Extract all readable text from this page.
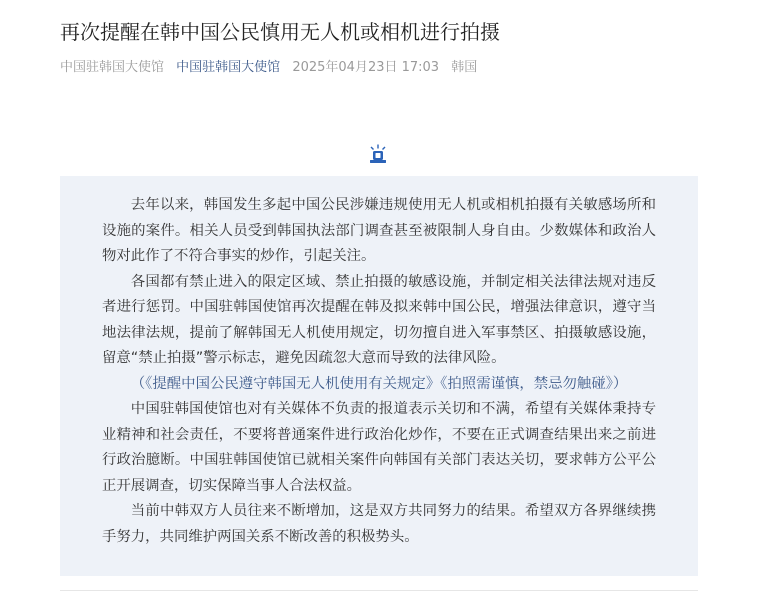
再次提醒在韩中国公民慎用无人机或相机进行拍摄
中国驻韩国大使馆 中国驻韩国大使馆 2025年04月23日 17:03 韩国

去年以来，韩国发生多起中国公民涉嫌违规使用无人机或相机拍摄有关敏感场所和设施的案件。相关人员受到韩国执法部门调查甚至被限制人身自由。少数媒体和政治人物对此作了不符合事实的炒作，引起关注。

各国都有禁止进入的限定区域、禁止拍摄的敏感设施，并制定相关法律法规对违反者进行惩罚。中国驻韩国使馆再次提醒在韩及拟来韩中国公民，增强法律意识，遵守当地法律法规，提前了解韩国无人机使用规定，切勿擅自进入军事禁区、拍摄敏感设施，留意“禁止拍摄”警示标志，避免因疏忽大意而导致的法律风险。

（《提醒中国公民遵守韩国无人机使用有关规定》《拍照需谨慎，禁忌勿触碰》）

中国驻韩国使馆也对有关媒体不负责的报道表示关切和不满，希望有关媒体秉持专业精神和社会责任，不要将普通案件进行政治化炒作，不要在正式调查结果出来之前进行政治臆断。中国驻韩国使馆已就相关案件向韩国有关部门表达关切，要求韩方公平公正开展调查，切实保障当事人合法权益。

当前中韩双方人员往来不断增加，这是双方共同努力的结果。希望双方各界继续携手努力，共同维护两国关系不断改善的积极势头。
